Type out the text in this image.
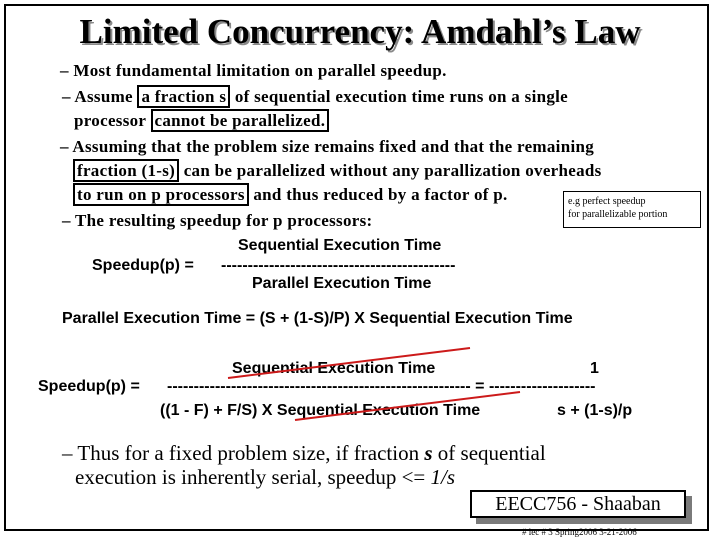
Limited Concurrency: Amdahl’s Law
– Most fundamental limitation on parallel speedup.
– Assume a fraction s of sequential execution time runs on a single
processor cannot be parallelized.
– Assuming that the problem size remains fixed and that the remaining
fraction (1-s) can be parallelized without any parallization overheads
to run on p processors and thus reduced by a factor of p.	e.g perfect speedup
for parallelizable portion
– The resulting speedup for p processors:
Sequential Execution Time
Speedup(p) = --------------------------------------------
Parallel Execution Time
Parallel Execution Time = (S + (1-S)/P) X Sequential Execution Time
Sequential Execution Time	1
Speedup(p) = --------------------------------------------------------- = --------------------
((1 - F) + F/S) X Sequential Execution Time	s + (1-s)/p
– Thus for a fixed problem size, if fraction s of sequential
execution is inherently serial, speedup <= 1/s
EECC756 - Shaaban
# lec # 3 Spring2006 3-21-2006
